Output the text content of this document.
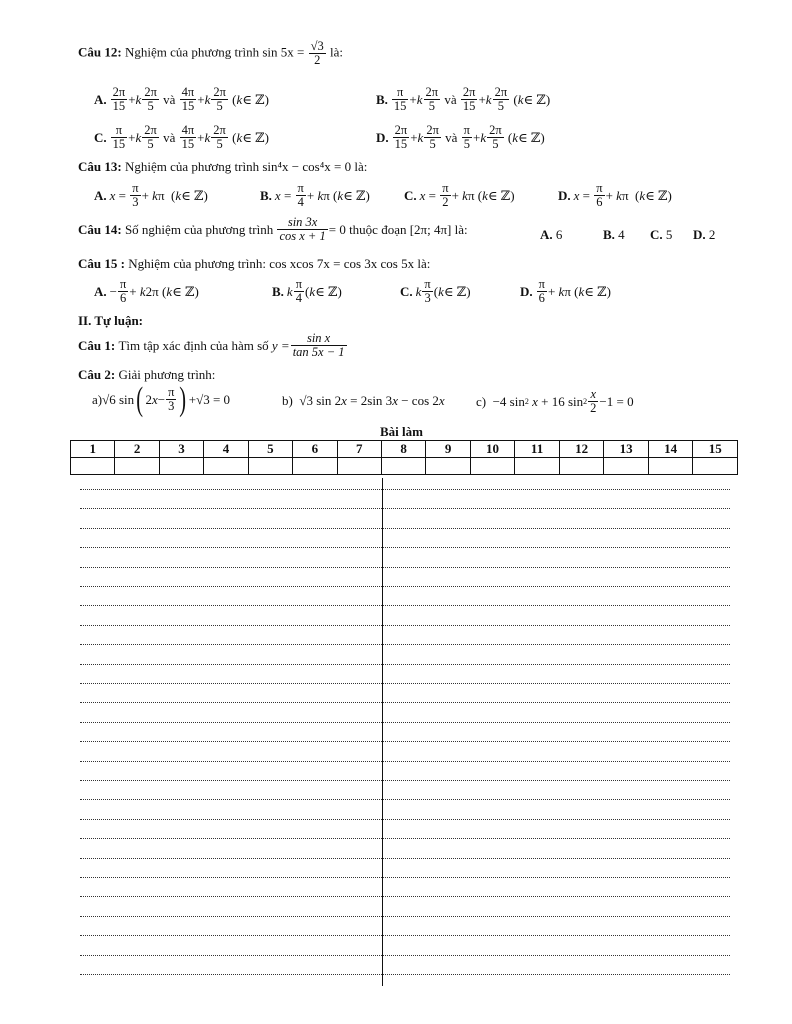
Câu 12: Nghiệm của phương trình $\sin 5x = \frac{√3}{2}$ là:
A. $\frac{2\pi}{15} + k \frac{2\pi}{5}$ và $\frac{4\pi}{15} + k \frac{2\pi}{5}$ ( k ∈ ℤ)	B. $\frac{\pi}{15} + k \frac{2\pi}{5}$ và $\frac{2\pi}{15} + k \frac{2\pi}{5}$ ( k ∈ ℤ)
C. $\frac{\pi}{15} + k \frac{2\pi}{5}$ và $\frac{4\pi}{15} + k \frac{2\pi}{5}$ ( k ∈ ℤ)	D. $\frac{2\pi}{15} + k \frac{2\pi}{5}$ và $\frac{\pi}{5} + k \frac{2\pi}{5}$ ( k ∈ ℤ)
Câu 13: Nghiệm của phương trình sin⁴x − cos⁴x = 0 là:
A. $x = \frac{\pi}{3} + k$ π  ( k ∈ ℤ)	B. $x = \frac{\pi}{4} + k$ π ( k ∈ ℤ)	C. $x = \frac{\pi}{2} + k$ π ( k ∈ ℤ)	D. $x = \frac{\pi}{6} + k$ π  ( k ∈ ℤ)
Câu 14:
Số nghiệm của phương trình
$\frac{\sin 3x}{\text{cos x + 1}} = 0$ thuộc đoạn [2π; 4π] là:	A. 6	B. 4 C. 5 D. 2
Câu 15 : Nghiệm của phương trình: cos xcos 7x = cos 3x cos 5x là:
A. − $\frac{\pi}{6} + k$ 2π ( k ∈ ℤ)	B. k $\frac{\pi}{4}$ ( k ∈ ℤ)	C. k $\frac{\pi}{3}$ ( k ∈ ℤ)	D. $\frac{\pi}{6} + k$ π ( k ∈ ℤ)
II. Tự luận:
Câu 1:
Tìm tập xác định của hàm số
$y = \frac{\text{sin x}}{\tan 5x - 1}$
Câu 2: Giải phương trình:
a)√6 sin ( 2 $x - \frac{\pi}{3}$ ) +√3 = 0	b)  √3 sin 2 x = 2sin 3 x − cos 2 x c)  −4 sin 2
x + 16 $\sin 2 \frac{x}{2} -1 = 0$
Bài làm
1	2	3	4	5	6	7	8	9	10	11	12	13	14	15
